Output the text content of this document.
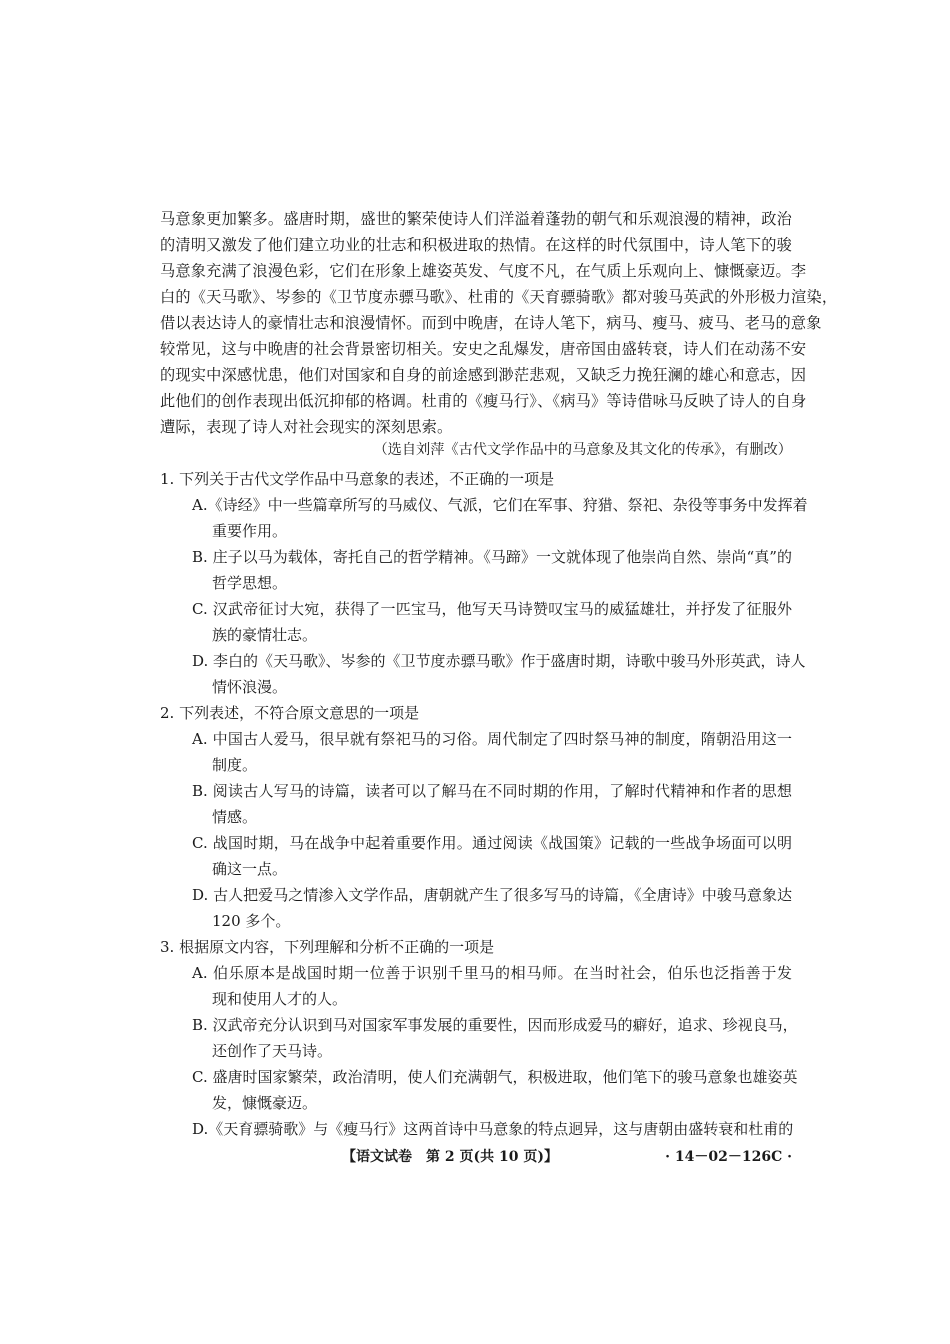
马意象更加繁多。盛唐时期，盛世的繁荣使诗人们洋溢着蓬勃的朝气和乐观浪漫的精神，政治
的清明又激发了他们建立功业的壮志和积极进取的热情。在这样的时代氛围中，诗人笔下的骏
马意象充满了浪漫色彩，它们在形象上雄姿英发、气度不凡，在气质上乐观向上、慷慨豪迈。李
白的《天马歌》、岑参的《卫节度赤骠马歌》、杜甫的《天育骠骑歌》都对骏马英武的外形极力渲染，
借以表达诗人的豪情壮志和浪漫情怀。而到中晚唐，在诗人笔下，病马、瘦马、疲马、老马的意象
较常见，这与中晚唐的社会背景密切相关。安史之乱爆发，唐帝国由盛转衰，诗人们在动荡不安
的现实中深感忧患，他们对国家和自身的前途感到渺茫悲观，又缺乏力挽狂澜的雄心和意志，因
此他们的创作表现出低沉抑郁的格调。杜甫的《瘦马行》、《病马》等诗借咏马反映了诗人的自身
遭际，表现了诗人对社会现实的深刻思索。
（选自刘萍《古代文学作品中的马意象及其文化的传承》，有删改）
1. 下列关于古代文学作品中马意象的表述，不正确的一项是
A.《诗经》中一些篇章所写的马威仪、气派，它们在军事、狩猎、祭祀、杂役等事务中发挥着
重要作用。
B. 庄子以马为载体，寄托自己的哲学精神。《马蹄》一文就体现了他崇尚自然、崇尚“真”的
哲学思想。
C. 汉武帝征讨大宛，获得了一匹宝马，他写天马诗赞叹宝马的威猛雄壮，并抒发了征服外
族的豪情壮志。
D. 李白的《天马歌》、岑参的《卫节度赤骠马歌》作于盛唐时期，诗歌中骏马外形英武，诗人
情怀浪漫。
2. 下列表述，不符合原文意思的一项是
A. 中国古人爱马，很早就有祭祀马的习俗。周代制定了四时祭马神的制度，隋朝沿用这一
制度。
B. 阅读古人写马的诗篇，读者可以了解马在不同时期的作用，了解时代精神和作者的思想
情感。
C. 战国时期，马在战争中起着重要作用。通过阅读《战国策》记载的一些战争场面可以明
确这一点。
D. 古人把爱马之情渗入文学作品，唐朝就产生了很多写马的诗篇，《全唐诗》中骏马意象达
120 多个。
3. 根据原文内容，下列理解和分析不正确的一项是
A. 伯乐原本是战国时期一位善于识别千里马的相马师。在当时社会，伯乐也泛指善于发
现和使用人才的人。
B. 汉武帝充分认识到马对国家军事发展的重要性，因而形成爱马的癖好，追求、珍视良马，
还创作了天马诗。
C. 盛唐时国家繁荣，政治清明，使人们充满朝气，积极进取，他们笔下的骏马意象也雄姿英
发，慷慨豪迈。
D.《天育骠骑歌》与《瘦马行》这两首诗中马意象的特点迥异，这与唐朝由盛转衰和杜甫的
【语文试卷　第 2 页(共 10 页)】	· 14－02－126C ·
